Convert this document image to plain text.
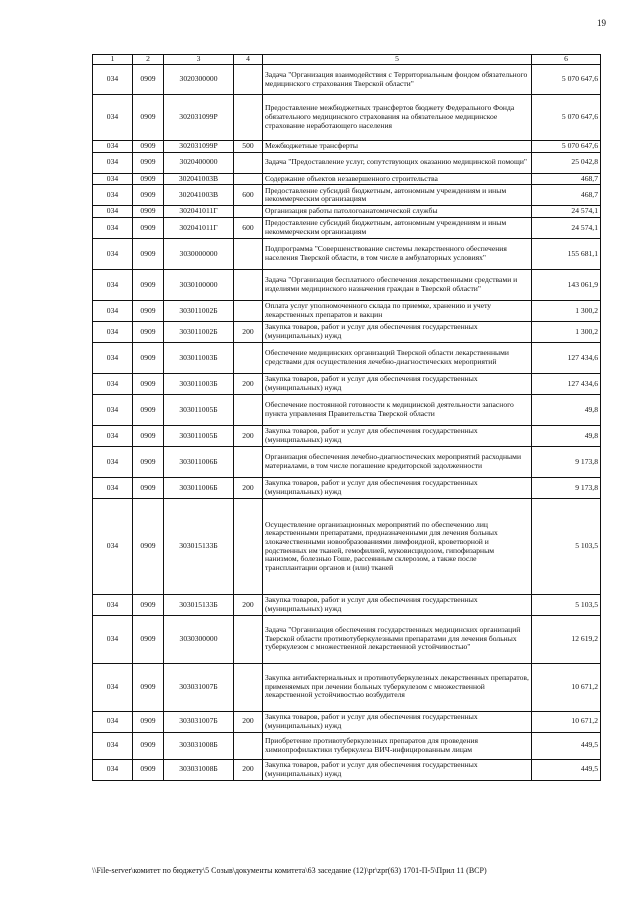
19
1	2	3	4	5	6
034	0909	3020300000		Задача "Организация взаимодействия с Территориальным фондом обязательного медицинского страхования Тверской области"	5 070 647,6
034	0909	302031099Р		Предоставление межбюджетных трансфертов бюджету Федерального Фонда обязательного медицинского страхования на обязательное медицинское страхование неработающего населения	5 070 647,6
034	0909	302031099Р	500	Межбюджетные трансферты	5 070 647,6
034	0909	3020400000		Задача "Предоставление услуг, сопутствующих оказанию медицинской помощи"	25 042,8
034	0909	302041003В		Содержание объектов незавершенного строительства	468,7
034	0909	302041003В	600	Предоставление субсидий бюджетным, автономным учреждениям и иным некоммерческим организациям	468,7
034	0909	302041011Г		Организация работы патологоанатомической службы	24 574,1
034	0909	302041011Г	600	Предоставление субсидий бюджетным, автономным учреждениям и иным некоммерческим организациям	24 574,1
034	0909	3030000000		Подпрограмма "Совершенствование системы лекарственного обеспечения населения Тверской области, в том числе в амбулаторных условиях"	155 681,1
034	0909	3030100000		Задача "Организация бесплатного обеспечения лекарственными средствами и изделиями медицинского назначения граждан в Тверской области"	143 061,9
034	0909	303011002Б		Оплата услуг уполномоченного склада по приемке, хранению и учету лекарственных препаратов и вакцин	1 300,2
034	0909	303011002Б	200	Закупка товаров, работ и услуг для обеспечения государственных (муниципальных) нужд	1 300,2
034	0909	303011003Б		Обеспечение медицинских организаций Тверской области лекарственными средствами для осуществления лечебно-диагностических мероприятий	127 434,6
034	0909	303011003Б	200	Закупка товаров, работ и услуг для обеспечения государственных (муниципальных) нужд	127 434,6
034	0909	303011005Б		Обеспечение постоянной готовности к медицинской деятельности запасного пункта управления Правительства Тверской области	49,8
034	0909	303011005Б	200	Закупка товаров, работ и услуг для обеспечения государственных (муниципальных) нужд	49,8
034	0909	303011006Б		Организация обеспечения лечебно-диагностических мероприятий расходными материалами, в том числе погашение кредиторской задолженности	9 173,8
034	0909	303011006Б	200	Закупка товаров, работ и услуг для обеспечения государственных (муниципальных) нужд	9 173,8
034	0909	303015133Б		Осуществление организационных мероприятий по обеспечению лиц лекарственными препаратами, предназначенными для лечения больных злокачественными новообразованиями лимфоидной, кроветворной и родственных им тканей, гемофилией, муковисцидозом, гипофизарным нанизмом, болезнью Гоше, рассеянным склерозом, а также после трансплантации органов и (или) тканей	5 103,5
034	0909	303015133Б	200	Закупка товаров, работ и услуг для обеспечения государственных (муниципальных) нужд	5 103,5
034	0909	3030300000		Задача "Организация обеспечения государственных медицинских организаций Тверской области противотуберкулезными препаратами для лечения больных туберкулезом с множественной лекарственной устойчивостью"	12 619,2
034	0909	303031007Б		Закупка антибактериальных и противотуберкулезных лекарственных препаратов, применяемых при лечении больных туберкулезом с множественной лекарственной устойчивостью возбудителя	10 671,2
034	0909	303031007Б	200	Закупка товаров, работ и услуг для обеспечения государственных (муниципальных) нужд	10 671,2
034	0909	303031008Б		Приобретение противотуберкулезных препаратов для проведения химиопрофилактики туберкулеза ВИЧ-инфицированным лицам	449,5
034	0909	303031008Б	200	Закупка товаров, работ и услуг для обеспечения государственных (муниципальных) нужд	449,5
\\File-server\комитет по бюджету\5 Созыв\документы комитета\63 заседание (12)\pr\zpr(63) 1701-П-5\Прил 11 (ВСР)
